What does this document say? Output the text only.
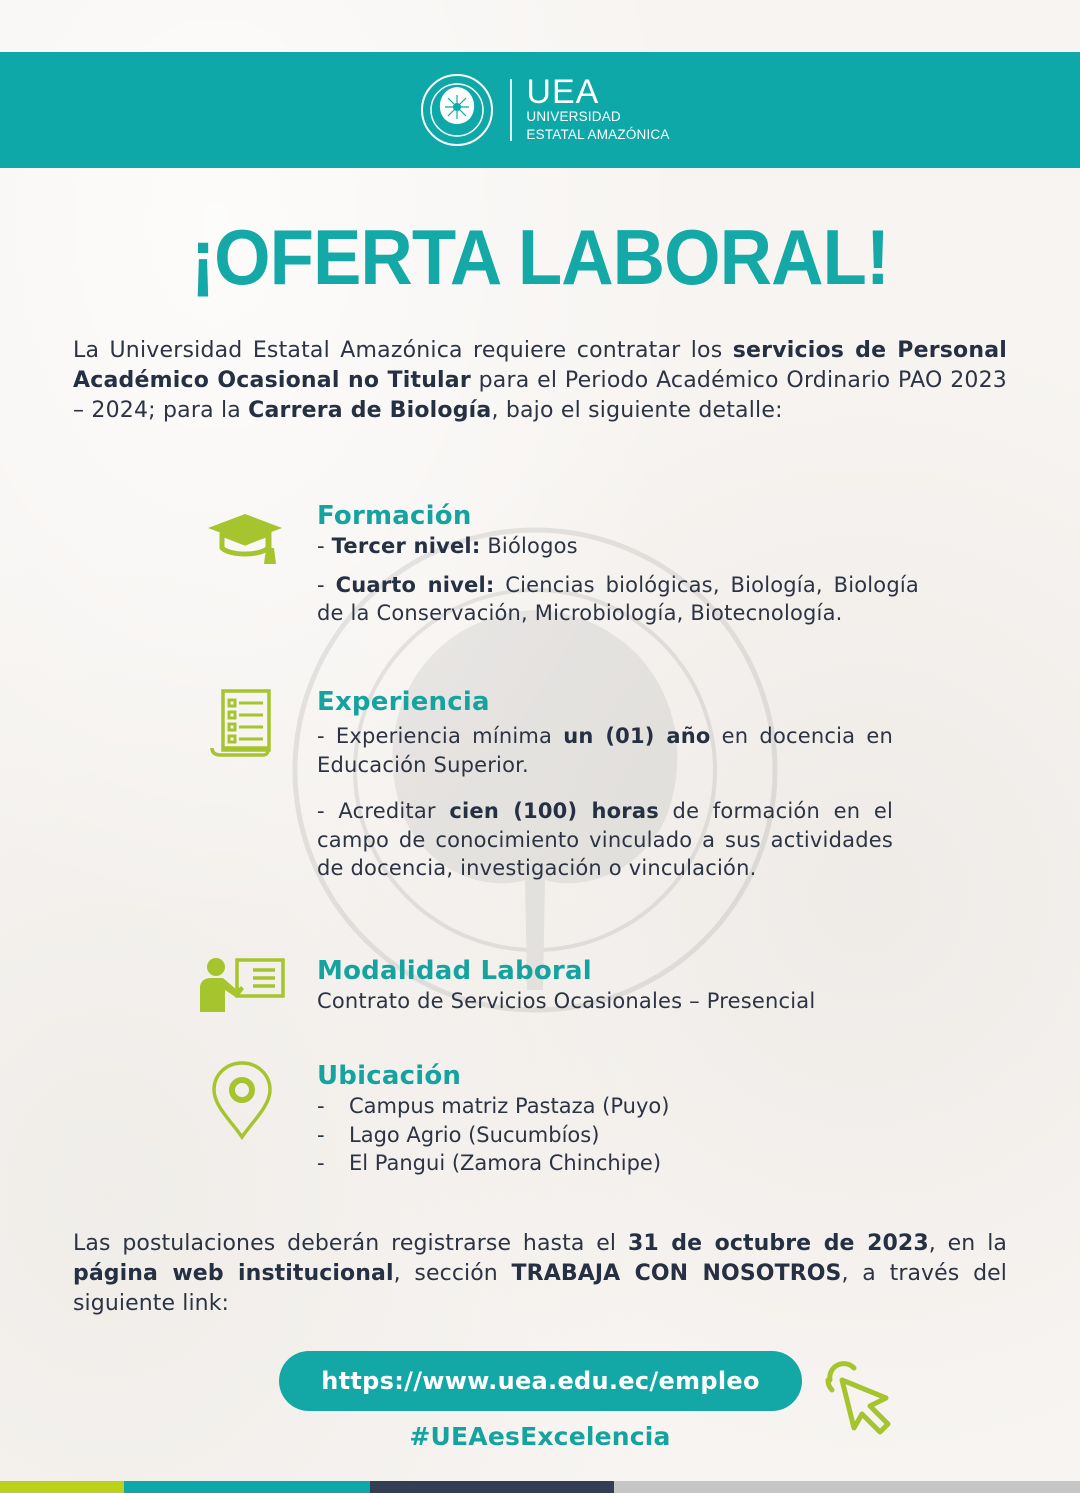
UEA
UNIVERSIDAD
ESTATAL AMAZÓNICA
¡OFERTA LABORAL!

La Universidad Estatal Amazónica requiere contratar los servicios de Personal Académico Ocasional no Titular para el Periodo Académico Ordinario PAO 2023 – 2024; para la Carrera de Biología, bajo el siguiente detalle:

Formación

- Tercer nivel: Biólogos

- Cuarto nivel: Ciencias biológicas, Biología, Biología de la Conservación, Microbiología, Biotecnología.

Experiencia

- Experiencia mínima un (01) año en docencia en Educación Superior.

- Acreditar cien (100) horas de formación en el campo de conocimiento vinculado a sus actividades de docencia, investigación o vinculación.

Modalidad Laboral

Contrato de Servicios Ocasionales – Presencial

Ubicación
-	Campus matriz Pastaza (Puyo)
-	Lago Agrio (Sucumbíos)
-	El Pangui (Zamora Chinchipe)

Las postulaciones deberán registrarse hasta el 31 de octubre de 2023, en la página web institucional, sección TRABAJA CON NOSOTROS, a través del siguiente link:

https://www.uea.edu.ec/empleo
#UEAesExcelencia
